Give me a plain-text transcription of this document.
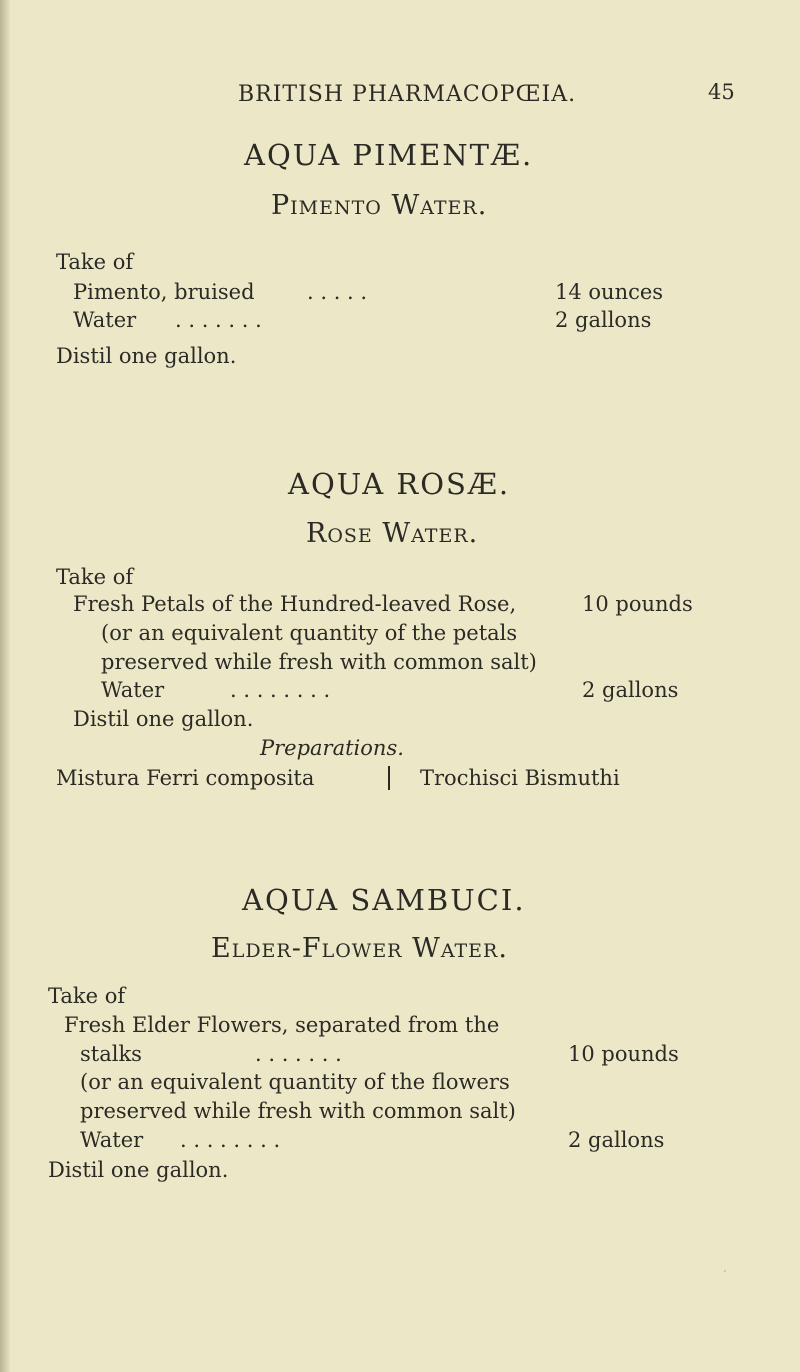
BRITISH PHARMACOPŒIA.	45
AQUA PIMENTÆ.
Pimento Water.
Take of
Pimento, bruised . . . . .	14 ounces
Water . . . . . . .	2 gallons
Distil one gallon.
AQUA ROSÆ.
Rose Water.
Take of
Fresh Petals of the Hundred-leaved Rose,	10 pounds
(or an equivalent quantity of the petals
preserved while fresh with common salt)
Water	. . . . . . . .	2 gallons
Distil one gallon.
Preparations.
Mistura Ferri composita	Trochisci Bismuthi
AQUA SAMBUCI.
Elder-Flower Water.
Take of
Fresh Elder Flowers, separated from the
stalks	. . . . . . .	10 pounds
(or an equivalent quantity of the flowers
preserved while fresh with common salt)
Water . . . . . . . .	2 gallons
Distil one gallon.
